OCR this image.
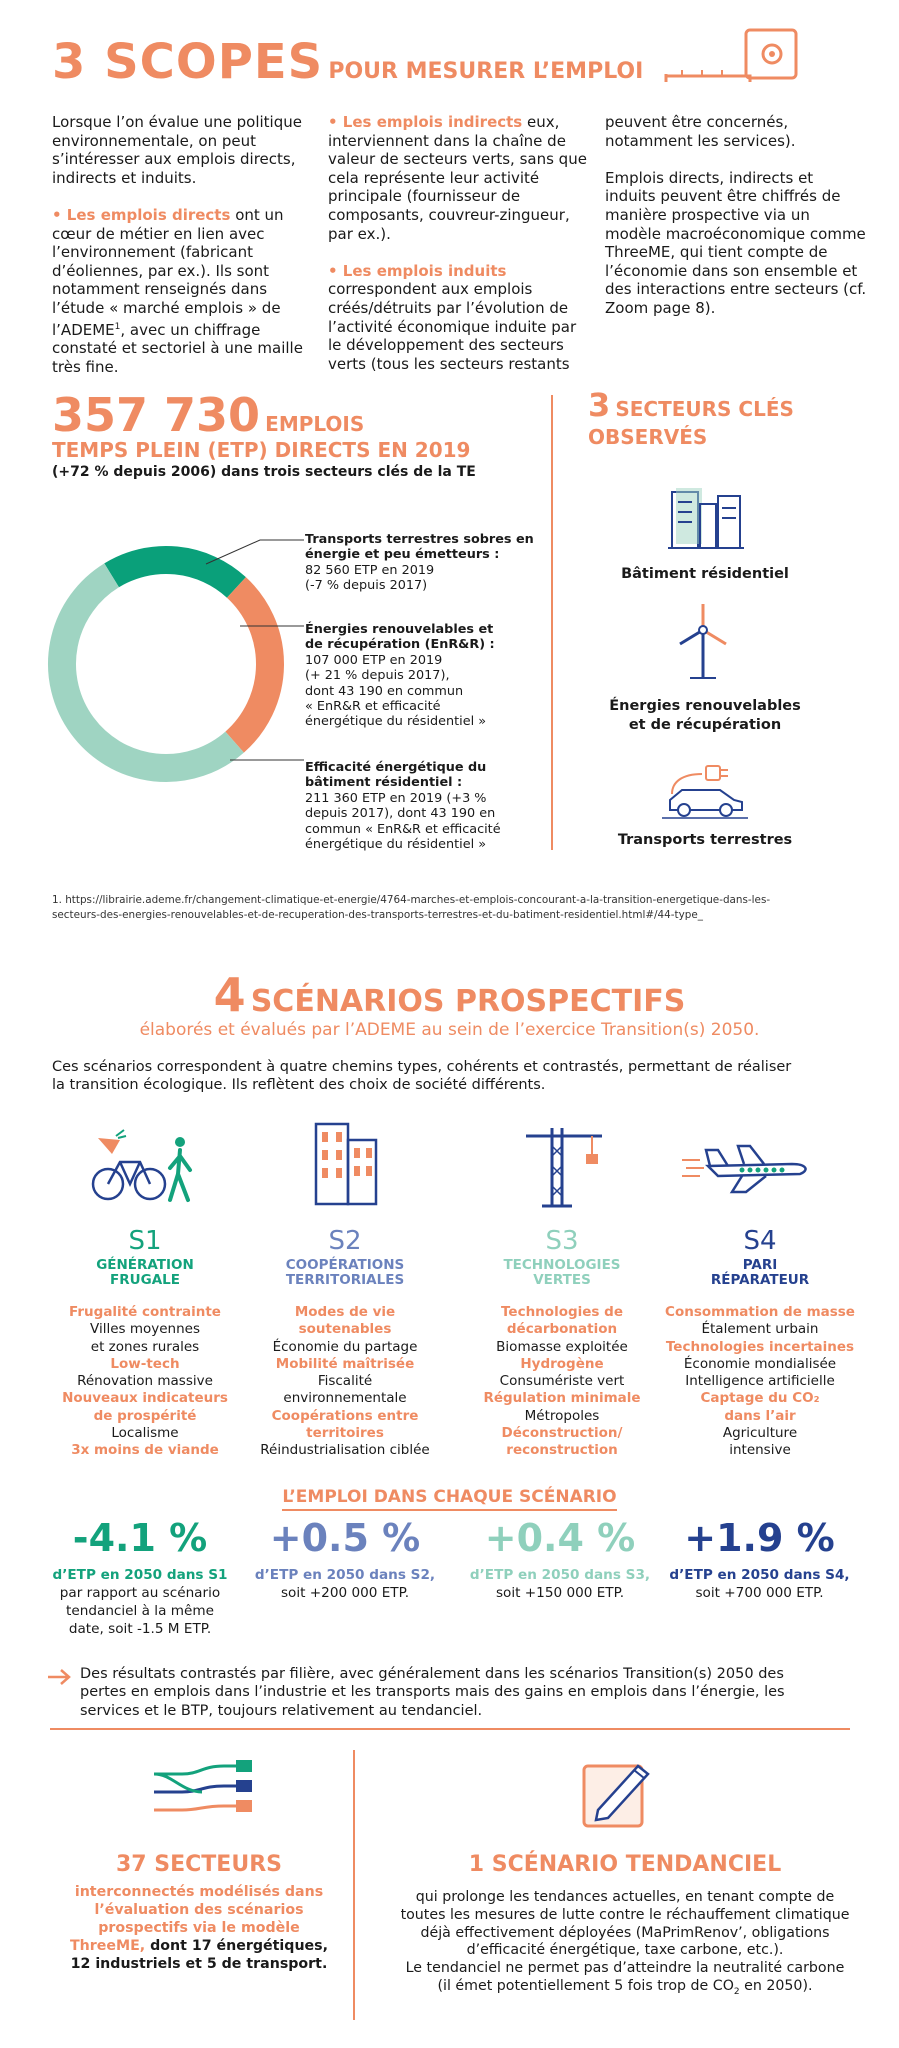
3 SCOPES POUR MESURER L’EMPLOI
Lorsque l’on évalue une politique environnementale, on peut s’intéresser aux emplois directs, indirects et induits.

• Les emplois directs ont un cœur de métier en lien avec l’environnement (fabricant d’éoliennes, par ex.). Ils sont notamment renseignés dans l’étude « marché emplois » de l’ADEME$^1$, avec un chiffrage constaté et sectoriel à une maille très fine.
• Les emplois indirects eux, interviennent dans la chaîne de valeur de secteurs verts, sans que cela représente leur activité principale (fournisseur de composants, couvreur-zingueur, par ex.).

• Les emplois induits correspondent aux emplois créés/détruits par l’évolution de l’activité économique induite par le développement des secteurs verts (tous les secteurs restants
peuvent être concernés, notamment les services).

Emplois directs, indirects et induits peuvent être chiffrés de manière prospective via un modèle macroéconomique comme ThreeME, qui tient compte de l’économie dans son ensemble et des interactions entre secteurs (cf. Zoom page 8).
357 730 EMPLOIS
TEMPS PLEIN (ETP) DIRECTS EN 2019
(+72 % depuis 2006) dans trois secteurs clés de la TE
Transports terrestres sobres en énergie et peu émetteurs :
82 560 ETP en 2019
(-7 % depuis 2017)
Énergies renouvelables et de récupération (EnR&R) :
107 000 ETP en 2019
(+ 21 % depuis 2017),
dont 43 190 en commun
« EnR&R et efficacité
énergétique du résidentiel »
Efficacité énergétique du bâtiment résidentiel :
211 360 ETP en 2019 (+3 %
depuis 2017), dont 43 190 en
commun « EnR&R et efficacité
énergétique du résidentiel »
3 SECTEURS CLÉS
OBSERVÉS
Bâtiment résidentiel
Énergies renouvelables
et de récupération
Transports terrestres
1. https://librairie.ademe.fr/changement-climatique-et-energie/4764-marches-et-emplois-concourant-a-la-transition-energetique-dans-les-
secteurs-des-energies-renouvelables-et-de-recuperation-des-transports-terrestres-et-du-batiment-residentiel.html#/44-type_
4 SCÉNARIOS PROSPECTIFS
élaborés et évalués par l’ADEME au sein de l’exercice Transition(s) 2050.
Ces scénarios correspondent à quatre chemins types, cohérents et contrastés, permettant de réaliser
la transition écologique. Ils reflètent des choix de société différents.
S1
GÉNÉRATION
FRUGALE
Frugalité contrainte
Villes moyennes
et zones rurales
Low-tech
Rénovation massive
Nouveaux indicateurs
de prospérité
Localisme
3x moins de viande
S2
COOPÉRATIONS
TERRITORIALES
Modes de vie
soutenables
Économie du partage
Mobilité maîtrisée
Fiscalité
environnementale
Coopérations entre
territoires
Réindustrialisation ciblée
S3
TECHNOLOGIES
VERTES
Technologies de
décarbonation
Biomasse exploitée
Hydrogène
Consumériste vert
Régulation minimale
Métropoles
Déconstruction/
reconstruction
S4
PARI
RÉPARATEUR
Consommation de masse
Étalement urbain
Technologies incertaines
Économie mondialisée
Intelligence artificielle
Captage du CO₂
dans l’air
Agriculture
intensive
L’EMPLOI DANS CHAQUE SCÉNARIO
-4.1 %
d’ETP en 2050 dans S1
par rapport au scénario
tendanciel à la même
date, soit -1.5 M ETP.
+0.5 %
d’ETP en 2050 dans S2,
soit +200 000 ETP.
+0.4 %
d’ETP en 2050 dans S3,
soit +150 000 ETP.
+1.9 %
d’ETP en 2050 dans S4,
soit +700 000 ETP.
Des résultats contrastés par filière, avec généralement dans les scénarios Transition(s) 2050 des
pertes en emplois dans l’industrie et les transports mais des gains en emplois dans l’énergie, les
services et le BTP, toujours relativement au tendanciel.
37 SECTEURS
interconnectés modélisés dans
l’évaluation des scénarios
prospectifs via le modèle
ThreeME, dont 17 énergétiques,
12 industriels et 5 de transport.
1 SCÉNARIO TENDANCIEL
qui prolonge les tendances actuelles, en tenant compte de
toutes les mesures de lutte contre le réchauffement climatique
déjà effectivement déployées (MaPrimRenov’, obligations
d’efficacité énergétique, taxe carbone, etc.).
Le tendanciel ne permet pas d’atteindre la neutralité carbone
(il émet potentiellement 5 fois trop de $CO_2$ en 2050).
